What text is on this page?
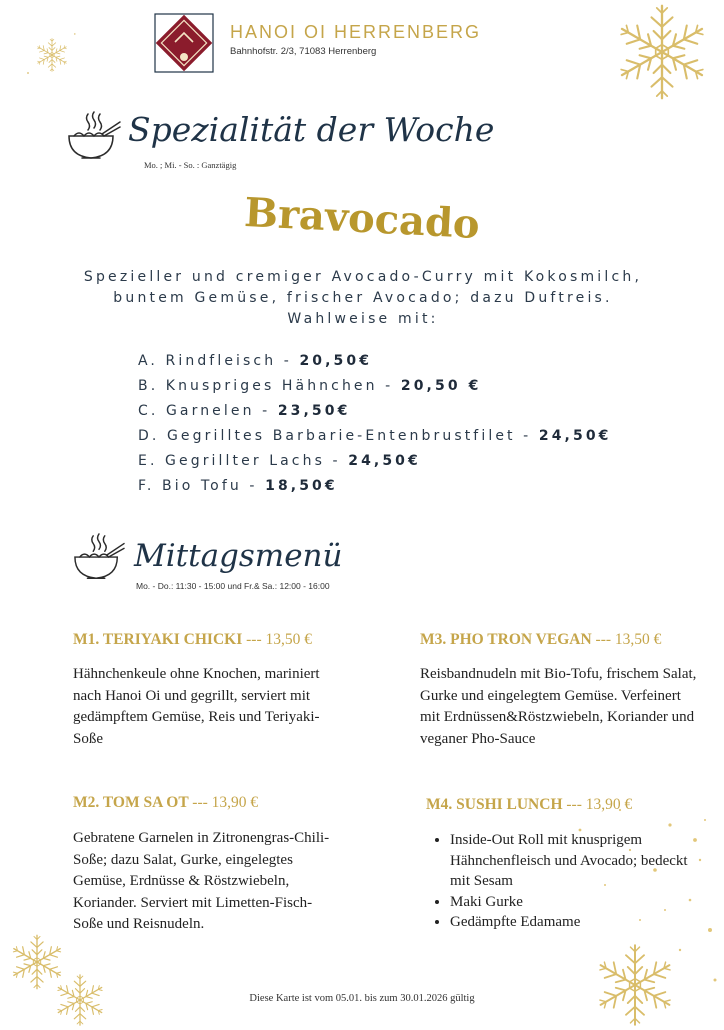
HANOI OI HERRENBERG
Bahnhofstr. 2/3, 71083 Herrenberg
Spezialität der Woche
Mo. ; Mi. - So. : Ganztägig
Bravocado
Spezieller und cremiger Avocado-Curry mit Kokosmilch, buntem Gemüse, frischer Avocado; dazu Duftreis. Wahlweise mit:
A. Rindfleisch - 20,50€
B. Knuspriges Hähnchen - 20,50 €
C. Garnelen - 23,50€
D. Gegrilltes Barbarie-Entenbrustfilet - 24,50€
E. Gegrillter Lachs - 24,50€
F. Bio Tofu - 18,50€
Mittagsmenü
Mo. - Do.: 11:30 - 15:00 und Fr.& Sa.: 12:00 - 16:00
M1. TERIYAKI CHICKI --- 13,50 €
Hähnchenkeule ohne Knochen, mariniert nach Hanoi Oi und gegrillt, serviert mit gedämpftem Gemüse, Reis und Teriyaki-Soße
M3. PHO TRON VEGAN --- 13,50 €
Reisbandnudeln mit Bio-Tofu, frischem Salat, Gurke und eingelegtem Gemüse. Verfeinert mit Erdnüssen&Röstzwiebeln, Koriander und veganer Pho-Sauce
M2. TOM SA OT --- 13,90 €
Gebratene Garnelen in Zitronengras-Chili-Soße; dazu Salat, Gurke, eingelegtes Gemüse, Erdnüsse & Röstzwiebeln, Koriander. Serviert mit Limetten-Fisch-Soße und Reisnudeln.
M4. SUSHI LUNCH --- 13,90 €
• Inside-Out Roll mit knusprigem Hähnchenfleisch und Avocado; bedeckt mit Sesam
• Maki Gurke
• Gedämpfte Edamame
Diese Karte ist vom 05.01. bis zum 30.01.2026 gültig
